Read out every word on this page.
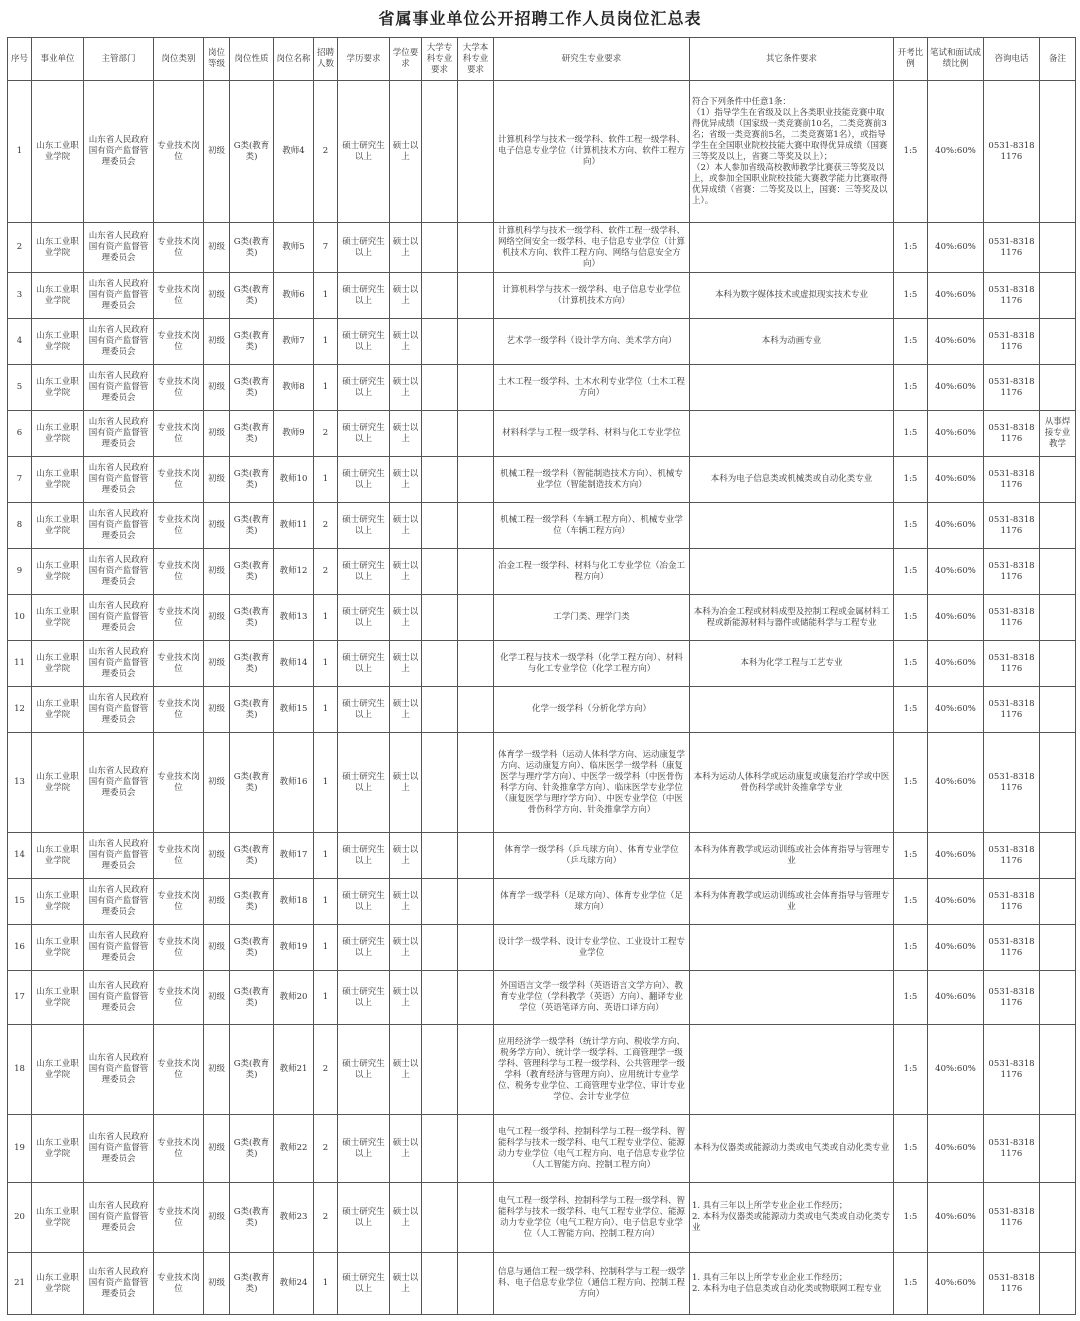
省属事业单位公开招聘工作人员岗位汇总表
序号	事业单位	主管部门	岗位类别	岗位等级	岗位性质	岗位名称	招聘人数	学历要求	学位要求	大学专科专业要求	大学本科专业要求	研究生专业要求	其它条件要求	开考比例	笔试和面试成绩比例	咨询电话	备注
1	山东工业职业学院	山东省人民政府国有资产监督管理委员会	专业技术岗位	初级	G类(教育类)	教师4	2	硕士研究生以上	硕士以上			计算机科学与技术一级学科、软件工程一级学科、电子信息专业学位（计算机技术方向、软件工程方向）	符合下列条件中任意1条：
（1）指导学生在省级及以上各类职业技能竞赛中取得优异成绩（国家级一类竞赛前10名，二类竞赛前3名；省级一类竞赛前5名，二类竞赛第1名），或指导学生在全国职业院校技能大赛中取得优异成绩（国赛三等奖及以上，省赛二等奖及以上）；
（2）本人参加省级高校教师教学比赛获三等奖及以上，或参加全国职业院校技能大赛教学能力比赛取得优异成绩（省赛：二等奖及以上，国赛：三等奖及以上）。	1:5	40%:60%	0531-83181176	
2	山东工业职业学院	山东省人民政府国有资产监督管理委员会	专业技术岗位	初级	G类(教育类)	教师5	7	硕士研究生以上	硕士以上			计算机科学与技术一级学科、软件工程一级学科、网络空间安全一级学科、电子信息专业学位（计算机技术方向、软件工程方向、网络与信息安全方向）		1:5	40%:60%	0531-83181176	
3	山东工业职业学院	山东省人民政府国有资产监督管理委员会	专业技术岗位	初级	G类(教育类)	教师6	1	硕士研究生以上	硕士以上			计算机科学与技术一级学科、电子信息专业学位（计算机技术方向）	本科为数字媒体技术或虚拟现实技术专业	1:5	40%:60%	0531-83181176	
4	山东工业职业学院	山东省人民政府国有资产监督管理委员会	专业技术岗位	初级	G类(教育类)	教师7	1	硕士研究生以上	硕士以上			艺术学一级学科（设计学方向、美术学方向）	本科为动画专业	1:5	40%:60%	0531-83181176	
5	山东工业职业学院	山东省人民政府国有资产监督管理委员会	专业技术岗位	初级	G类(教育类)	教师8	1	硕士研究生以上	硕士以上			土木工程一级学科、土木水利专业学位（土木工程方向）		1:5	40%:60%	0531-83181176	
6	山东工业职业学院	山东省人民政府国有资产监督管理委员会	专业技术岗位	初级	G类(教育类)	教师9	2	硕士研究生以上	硕士以上			材料科学与工程一级学科、材料与化工专业学位		1:5	40%:60%	0531-83181176	从事焊接专业教学
7	山东工业职业学院	山东省人民政府国有资产监督管理委员会	专业技术岗位	初级	G类(教育类)	教师10	1	硕士研究生以上	硕士以上			机械工程一级学科（智能制造技术方向）、机械专业学位（智能制造技术方向）	本科为电子信息类或机械类或自动化类专业	1:5	40%:60%	0531-83181176	
8	山东工业职业学院	山东省人民政府国有资产监督管理委员会	专业技术岗位	初级	G类(教育类)	教师11	2	硕士研究生以上	硕士以上			机械工程一级学科（车辆工程方向）、机械专业学位（车辆工程方向）		1:5	40%:60%	0531-83181176	
9	山东工业职业学院	山东省人民政府国有资产监督管理委员会	专业技术岗位	初级	G类(教育类)	教师12	2	硕士研究生以上	硕士以上			冶金工程一级学科、材料与化工专业学位（冶金工程方向）		1:5	40%:60%	0531-83181176	
10	山东工业职业学院	山东省人民政府国有资产监督管理委员会	专业技术岗位	初级	G类(教育类)	教师13	1	硕士研究生以上	硕士以上			工学门类、理学门类	本科为冶金工程或材料成型及控制工程或金属材料工程或新能源材料与器件或储能科学与工程专业	1:5	40%:60%	0531-83181176	
11	山东工业职业学院	山东省人民政府国有资产监督管理委员会	专业技术岗位	初级	G类(教育类)	教师14	1	硕士研究生以上	硕士以上			化学工程与技术一级学科（化学工程方向）、材料与化工专业学位（化学工程方向）	本科为化学工程与工艺专业	1:5	40%:60%	0531-83181176	
12	山东工业职业学院	山东省人民政府国有资产监督管理委员会	专业技术岗位	初级	G类(教育类)	教师15	1	硕士研究生以上	硕士以上			化学一级学科（分析化学方向）		1:5	40%:60%	0531-83181176	
13	山东工业职业学院	山东省人民政府国有资产监督管理委员会	专业技术岗位	初级	G类(教育类)	教师16	1	硕士研究生以上	硕士以上			体育学一级学科（运动人体科学方向、运动康复学方向、运动康复方向）、临床医学一级学科（康复医学与理疗学方向）、中医学一级学科（中医骨伤科学方向、针灸推拿学方向）、临床医学专业学位（康复医学与理疗学方向）、中医专业学位（中医骨伤科学方向、针灸推拿学方向）	本科为运动人体科学或运动康复或康复治疗学或中医骨伤科学或针灸推拿学专业	1:5	40%:60%	0531-83181176	
14	山东工业职业学院	山东省人民政府国有资产监督管理委员会	专业技术岗位	初级	G类(教育类)	教师17	1	硕士研究生以上	硕士以上			体育学一级学科（乒乓球方向）、体育专业学位（乒乓球方向）	本科为体育教学或运动训练或社会体育指导与管理专业	1:5	40%:60%	0531-83181176	
15	山东工业职业学院	山东省人民政府国有资产监督管理委员会	专业技术岗位	初级	G类(教育类)	教师18	1	硕士研究生以上	硕士以上			体育学一级学科（足球方向）、体育专业学位（足球方向）	本科为体育教学或运动训练或社会体育指导与管理专业	1:5	40%:60%	0531-83181176	
16	山东工业职业学院	山东省人民政府国有资产监督管理委员会	专业技术岗位	初级	G类(教育类)	教师19	1	硕士研究生以上	硕士以上			设计学一级学科、设计专业学位、工业设计工程专业学位		1:5	40%:60%	0531-83181176	
17	山东工业职业学院	山东省人民政府国有资产监督管理委员会	专业技术岗位	初级	G类(教育类)	教师20	1	硕士研究生以上	硕士以上			外国语言文学一级学科（英语语言文学方向）、教育专业学位（学科教学（英语）方向）、翻译专业学位（英语笔译方向、英语口译方向）		1:5	40%:60%	0531-83181176	
18	山东工业职业学院	山东省人民政府国有资产监督管理委员会	专业技术岗位	初级	G类(教育类)	教师21	2	硕士研究生以上	硕士以上			应用经济学一级学科（统计学方向、税收学方向、税务学方向）、统计学一级学科、工商管理学一级学科、管理科学与工程一级学科、公共管理学一级学科（教育经济与管理方向）、应用统计专业学位、税务专业学位、工商管理专业学位、审计专业学位、会计专业学位		1:5	40%:60%	0531-83181176	
19	山东工业职业学院	山东省人民政府国有资产监督管理委员会	专业技术岗位	初级	G类(教育类)	教师22	2	硕士研究生以上	硕士以上			电气工程一级学科、控制科学与工程一级学科、智能科学与技术一级学科、电气工程专业学位、能源动力专业学位（电气工程方向、电子信息专业学位（人工智能方向、控制工程方向）	本科为仪器类或能源动力类或电气类或自动化类专业	1:5	40%:60%	0531-83181176	
20	山东工业职业学院	山东省人民政府国有资产监督管理委员会	专业技术岗位	初级	G类(教育类)	教师23	2	硕士研究生以上	硕士以上			电气工程一级学科、控制科学与工程一级学科、智能科学与技术一级学科、电气工程专业学位、能源动力专业学位（电气工程方向）、电子信息专业学位（人工智能方向、控制工程方向）	1. 具有三年以上所学专业企业工作经历；
2. 本科为仪器类或能源动力类或电气类或自动化类专业	1:5	40%:60%	0531-83181176	
21	山东工业职业学院	山东省人民政府国有资产监督管理委员会	专业技术岗位	初级	G类(教育类)	教师24	1	硕士研究生以上	硕士以上			信息与通信工程一级学科、控制科学与工程一级学科、电子信息专业学位（通信工程方向、控制工程方向）	1. 具有三年以上所学专业企业工作经历；
2. 本科为电子信息类或自动化类或物联网工程专业	1:5	40%:60%	0531-83181176	
